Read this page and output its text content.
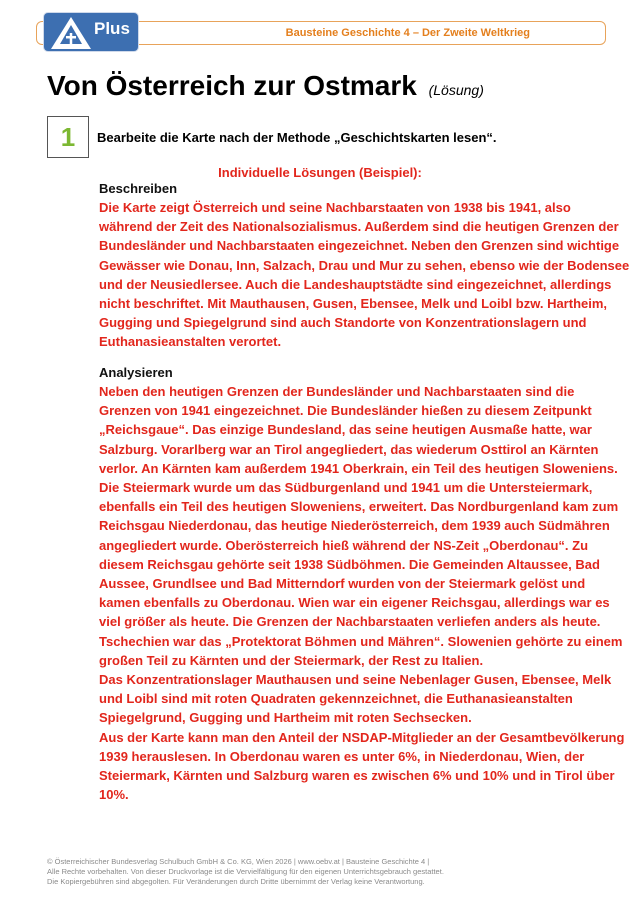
Plus	Bausteine Geschichte 4 – Der Zweite Weltkrieg
Von Österreich zur Ostmark (Lösung)
1 Bearbeite die Karte nach der Methode „Geschichtskarten lesen“.
Individuelle Lösungen (Beispiel):
Beschreiben
Die Karte zeigt Österreich und seine Nachbarstaaten von 1938 bis 1941, also
während der Zeit des Nationalsozialismus. Außerdem sind die heutigen Grenzen der
Bundesländer und Nachbarstaaten eingezeichnet. Neben den Grenzen sind wichtige
Gewässer wie Donau, Inn, Salzach, Drau und Mur zu sehen, ebenso wie der Bodensee
und der Neusiedlersee. Auch die Landeshauptstädte sind eingezeichnet, allerdings
nicht beschriftet. Mit Mauthausen, Gusen, Ebensee, Melk und Loibl bzw. Hartheim,
Gugging und Spiegelgrund sind auch Standorte von Konzentrationslagern und
Euthanasieanstalten verortet.
Analysieren
Neben den heutigen Grenzen der Bundesländer und Nachbarstaaten sind die
Grenzen von 1941 eingezeichnet. Die Bundesländer hießen zu diesem Zeitpunkt
„Reichsgaue“. Das einzige Bundesland, das seine heutigen Ausmaße hatte, war
Salzburg. Vorarlberg war an Tirol angegliedert, das wiederum Osttirol an Kärnten
verlor. An Kärnten kam außerdem 1941 Oberkrain, ein Teil des heutigen Sloweniens.
Die Steiermark wurde um das Südburgenland und 1941 um die Untersteiermark,
ebenfalls ein Teil des heutigen Sloweniens, erweitert. Das Nordburgenland kam zum
Reichsgau Niederdonau, das heutige Niederösterreich, dem 1939 auch Südmähren
angegliedert wurde. Oberösterreich hieß während der NS-Zeit „Oberdonau“. Zu
diesem Reichsgau gehörte seit 1938 Südböhmen. Die Gemeinden Altaussee, Bad
Aussee, Grundlsee und Bad Mitterndorf wurden von der Steiermark gelöst und
kamen ebenfalls zu Oberdonau. Wien war ein eigener Reichsgau, allerdings war es
viel größer als heute. Die Grenzen der Nachbarstaaten verliefen anders als heute.
Tschechien war das „Protektorat Böhmen und Mähren“. Slowenien gehörte zu einem
großen Teil zu Kärnten und der Steiermark, der Rest zu Italien.
Das Konzentrationslager Mauthausen und seine Nebenlager Gusen, Ebensee, Melk
und Loibl sind mit roten Quadraten gekennzeichnet, die Euthanasieanstalten
Spiegelgrund, Gugging und Hartheim mit roten Sechsecken.
Aus der Karte kann man den Anteil der NSDAP-Mitglieder an der Gesamtbevölkerung
1939 herauslesen. In Oberdonau waren es unter 6%, in Niederdonau, Wien, der
Steiermark, Kärnten und Salzburg waren es zwischen 6% und 10% und in Tirol über
10%.
© Österreichischer Bundesverlag Schulbuch GmbH & Co. KG, Wien 2026 | www.oebv.at | Bausteine Geschichte 4 |
Alle Rechte vorbehalten. Von dieser Druckvorlage ist die Vervielfältigung für den eigenen Unterrichtsgebrauch gestattet.
Die Kopiergebühren sind abgegolten. Für Veränderungen durch Dritte übernimmt der Verlag keine Verantwortung.
